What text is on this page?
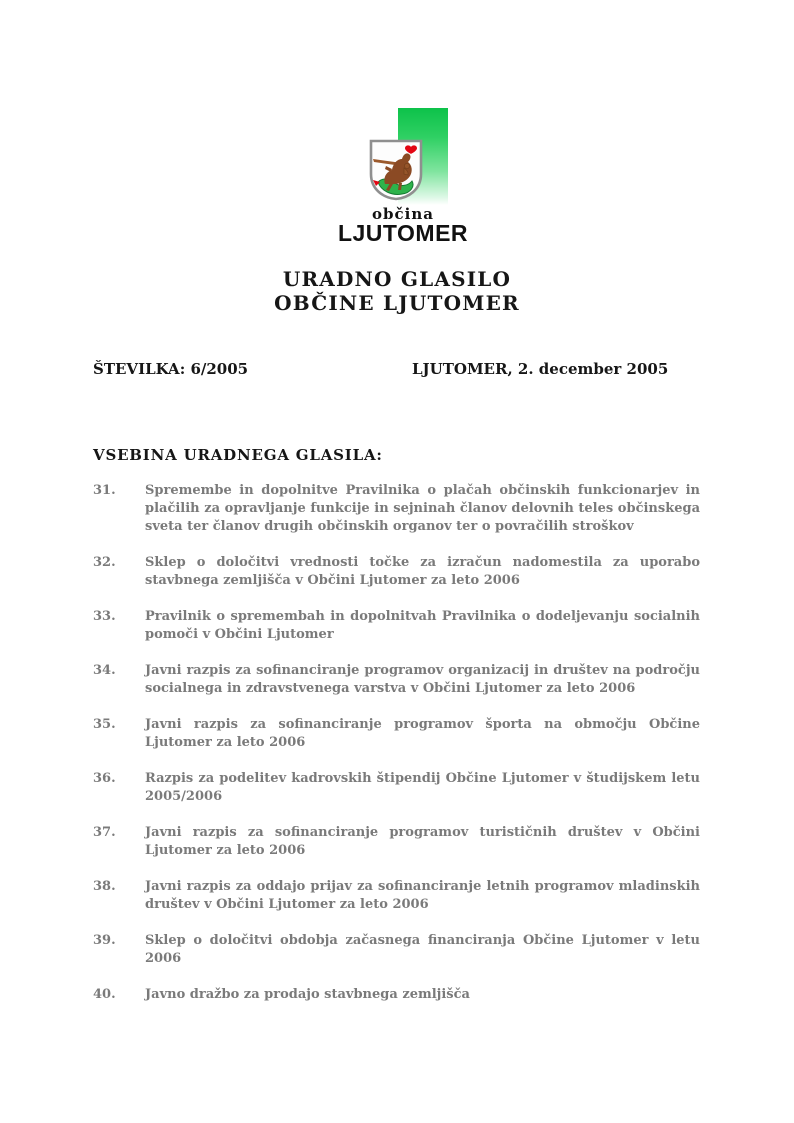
občina
LJUTOMER
URADNO GLASILO
OBČINE LJUTOMER
ŠTEVILKA: 6/2005	LJUTOMER, 2. december 2005
VSEBINA URADNEGA GLASILA:
31.	Spremembe in dopolnitve Pravilnika o plačah občinskih funkcionarjev in plačilih za opravljanje funkcije in sejninah članov delovnih teles občinskega sveta ter članov drugih občinskih organov ter o povračilih stroškov
32.	Sklep o določitvi vrednosti točke za izračun nadomestila za uporabo stavbnega zemljišča v Občini Ljutomer za leto 2006
33.	Pravilnik o spremembah in dopolnitvah Pravilnika o dodeljevanju socialnih pomoči v Občini Ljutomer
34.	Javni razpis za sofinanciranje programov organizacij in društev na področju socialnega in zdravstvenega varstva v Občini Ljutomer za leto 2006
35.	Javni razpis za sofinanciranje programov športa na območju Občine Ljutomer za leto 2006
36.	Razpis za podelitev kadrovskih štipendij Občine Ljutomer v študijskem letu 2005/2006
37.	Javni razpis za sofinanciranje programov turističnih društev v Občini Ljutomer za leto 2006
38.	Javni razpis za oddajo prijav za sofinanciranje letnih programov mladinskih društev v Občini Ljutomer za leto 2006
39.	Sklep o določitvi obdobja začasnega financiranja Občine Ljutomer v letu 2006
40.	Javno dražbo za prodajo stavbnega zemljišča
